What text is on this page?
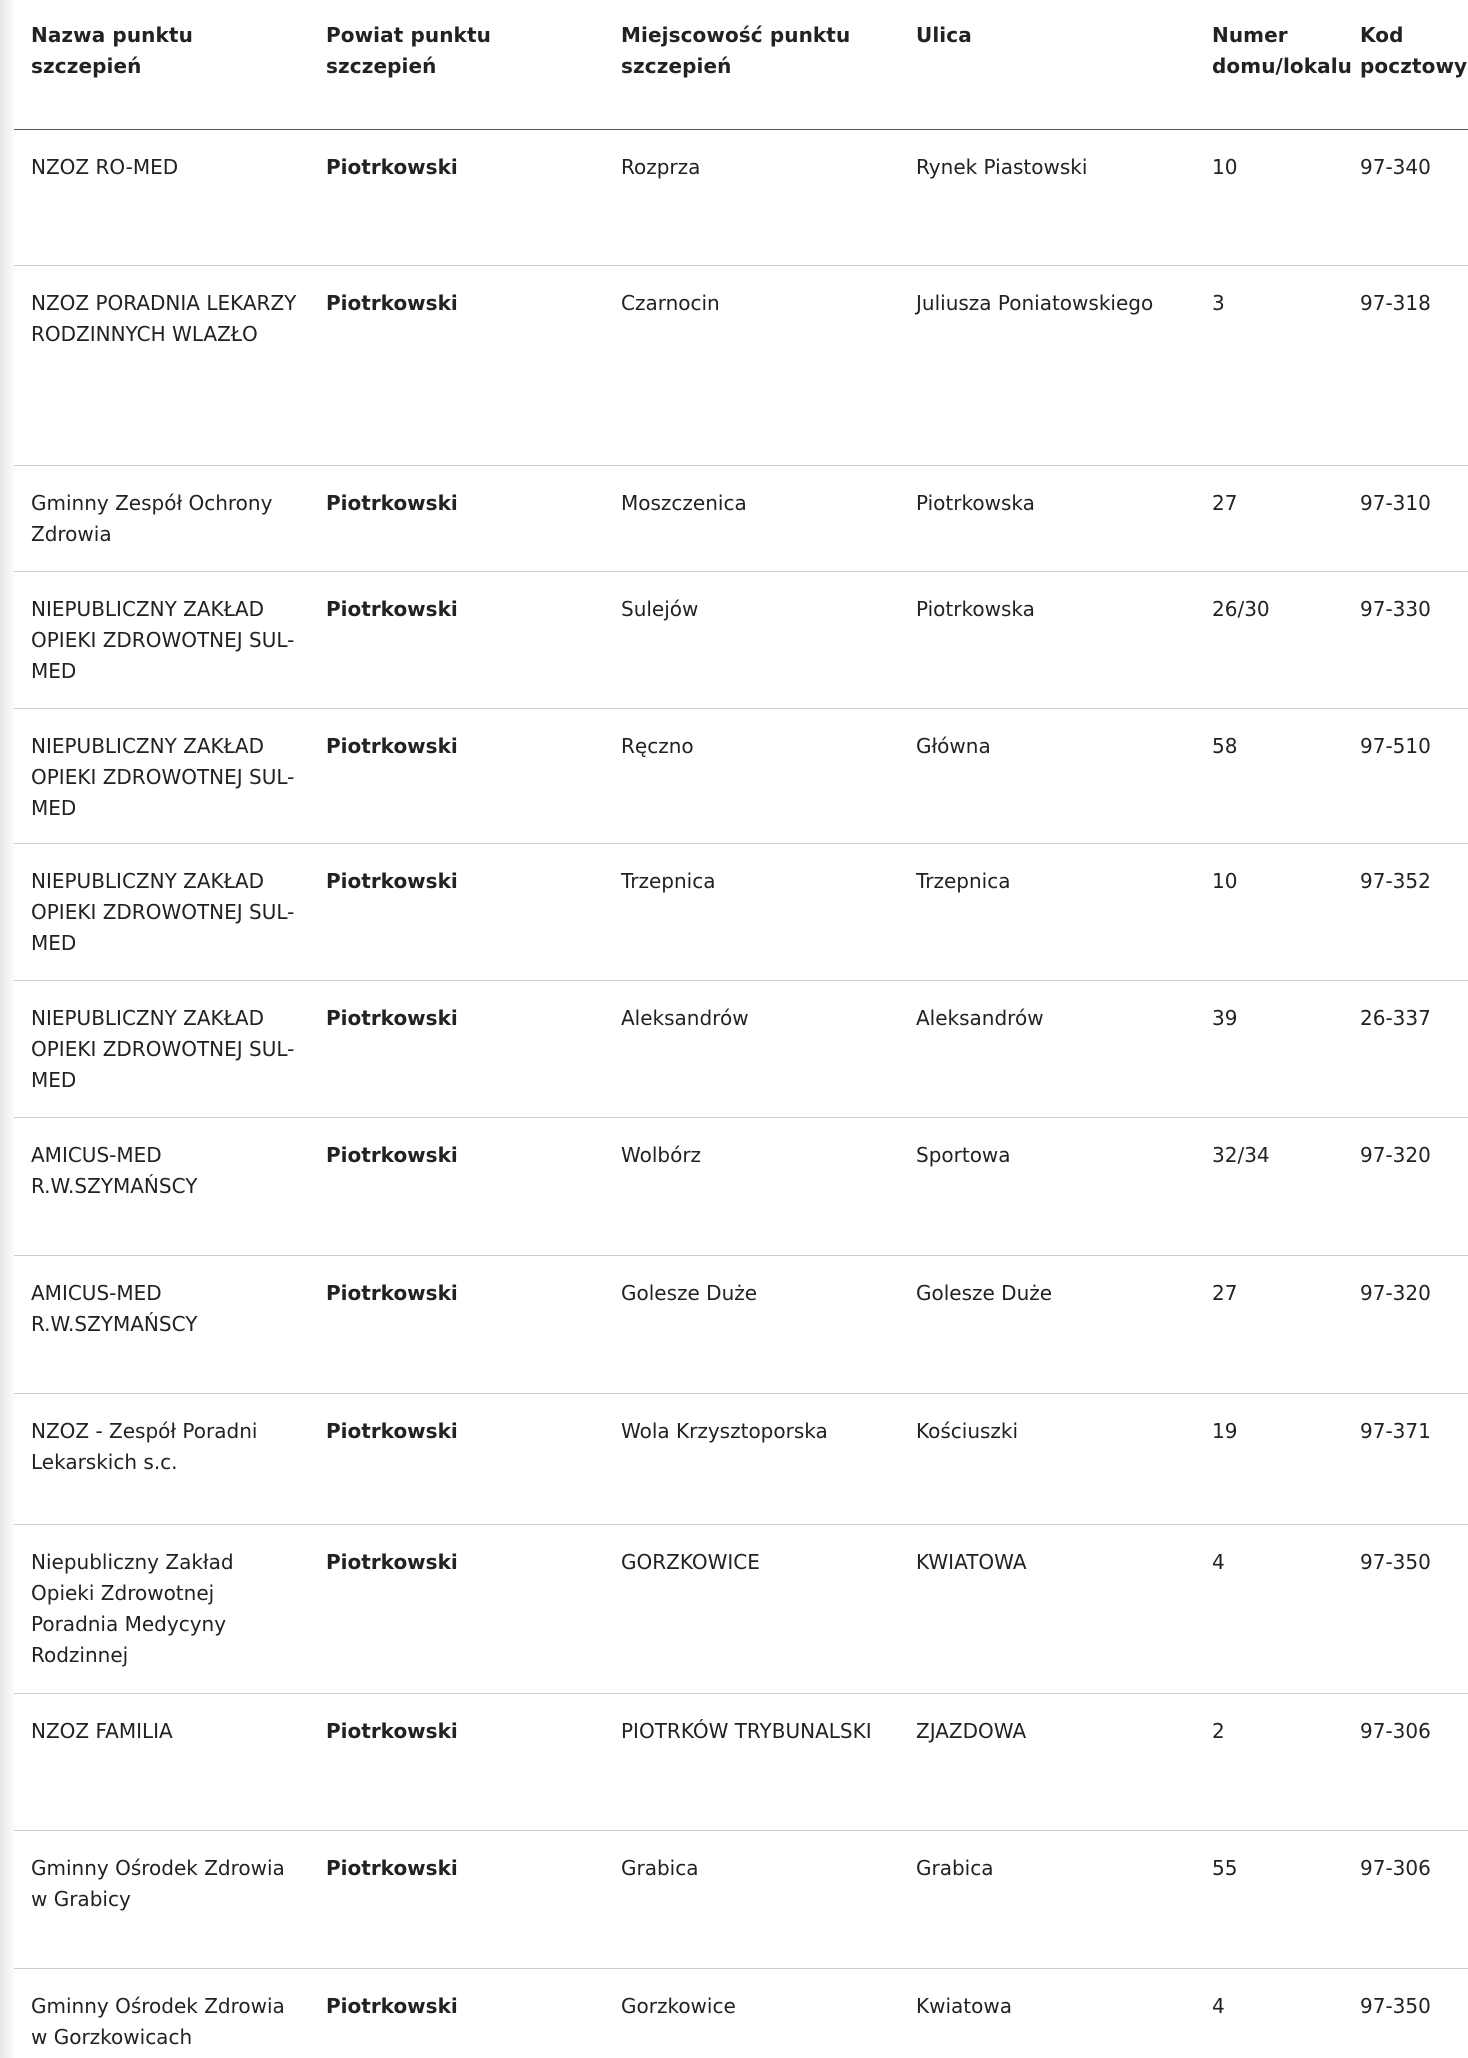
Nazwa punktu szczepień	Powiat punktu szczepień	Miejscowość punktu szczepień	Ulica	Numer domu/lokalu	Kod pocztowy
NZOZ RO-MED	Piotrkowski	Rozprza	Rynek Piastowski	10	97-340
NZOZ PORADNIA LEKARZY RODZINNYCH WLAZŁO	Piotrkowski	Czarnocin	Juliusza Poniatowskiego	3	97-318
Gminny Zespół Ochrony Zdrowia	Piotrkowski	Moszczenica	Piotrkowska	27	97-310
NIEPUBLICZNY ZAKŁAD OPIEKI ZDROWOTNEJ SUL-MED	Piotrkowski	Sulejów	Piotrkowska	26/30	97-330
NIEPUBLICZNY ZAKŁAD OPIEKI ZDROWOTNEJ SUL-MED	Piotrkowski	Ręczno	Główna	58	97-510
NIEPUBLICZNY ZAKŁAD OPIEKI ZDROWOTNEJ SUL-MED	Piotrkowski	Trzepnica	Trzepnica	10	97-352
NIEPUBLICZNY ZAKŁAD OPIEKI ZDROWOTNEJ SUL-MED	Piotrkowski	Aleksandrów	Aleksandrów	39	26-337
AMICUS-MED R.W.SZYMAŃSCY	Piotrkowski	Wolbórz	Sportowa	32/34	97-320
AMICUS-MED R.W.SZYMAŃSCY	Piotrkowski	Golesze Duże	Golesze Duże	27	97-320
NZOZ - Zespół Poradni Lekarskich s.c.	Piotrkowski	Wola Krzysztoporska	Kościuszki	19	97-371
Niepubliczny Zakład Opieki Zdrowotnej Poradnia Medycyny Rodzinnej	Piotrkowski	GORZKOWICE	KWIATOWA	4	97-350
NZOZ FAMILIA	Piotrkowski	PIOTRKÓW TRYBUNALSKI	ZJAZDOWA	2	97-306
Gminny Ośrodek Zdrowia w Grabicy	Piotrkowski	Grabica	Grabica	55	97-306
Gminny Ośrodek Zdrowia w Gorzkowicach	Piotrkowski	Gorzkowice	Kwiatowa	4	97-350
